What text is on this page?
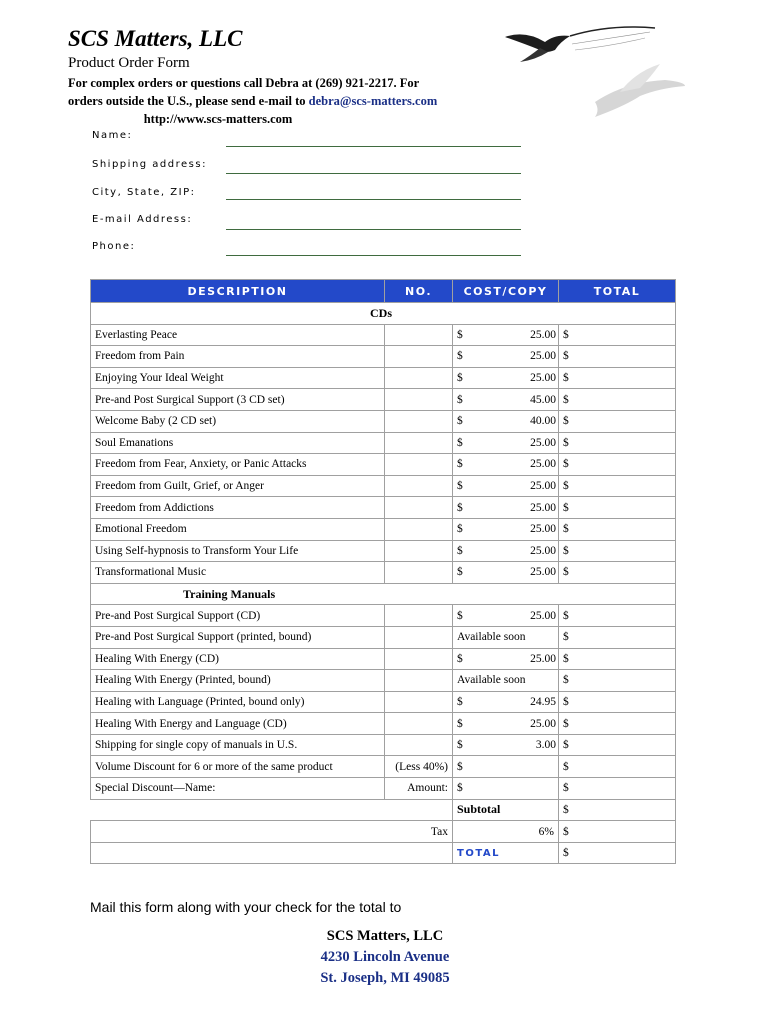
SCS Matters, LLC
Product Order Form
For complex orders or questions call Debra at (269) 921-2217. For
orders outside the U.S., please send e-mail to debra@scs-matters.com

http://www.scs-matters.com
Name:
Shipping address:
City, State, ZIP:
E-mail Address:
Phone:
DESCRIPTION	NO.	COST/COPY	TOTAL
CDs			
Everlasting Peace		$ 25.00	$
Freedom from Pain		$ 25.00	$
Enjoying Your Ideal Weight		$ 25.00	$
Pre-and Post Surgical Support (3 CD set)		$ 45.00	$
Welcome Baby (2 CD set)		$ 40.00	$
Soul Emanations		$ 25.00	$
Freedom from Fear, Anxiety, or Panic Attacks		$ 25.00	$
Freedom from Guilt, Grief, or Anger		$ 25.00	$
Freedom from Addictions		$ 25.00	$
Emotional Freedom		$ 25.00	$
Using Self-hypnosis to Transform Your Life		$ 25.00	$
Transformational Music		$ 25.00	$
Training Manuals			
Pre-and Post Surgical Support (CD)		$ 25.00	$
Pre-and Post Surgical Support (printed, bound)		Available soon	$
Healing With Energy (CD)		$ 25.00	$
Healing With Energy (Printed, bound)		Available soon	$
Healing with Language (Printed, bound only)		$ 24.95	$
Healing With Energy and Language (CD)		$ 25.00	$
Shipping for single copy of manuals in U.S.		$ 3.00	$
Volume Discount for 6 or more of the same product	(Less 40%)	$	$
Special Discount—Name:	Amount:	$	$
		Subtotal	$
Tax		6%	$
		TOTAL	$
Mail this form along with your check for the total to
SCS Matters, LLC
4230 Lincoln Avenue
St. Joseph, MI 49085
